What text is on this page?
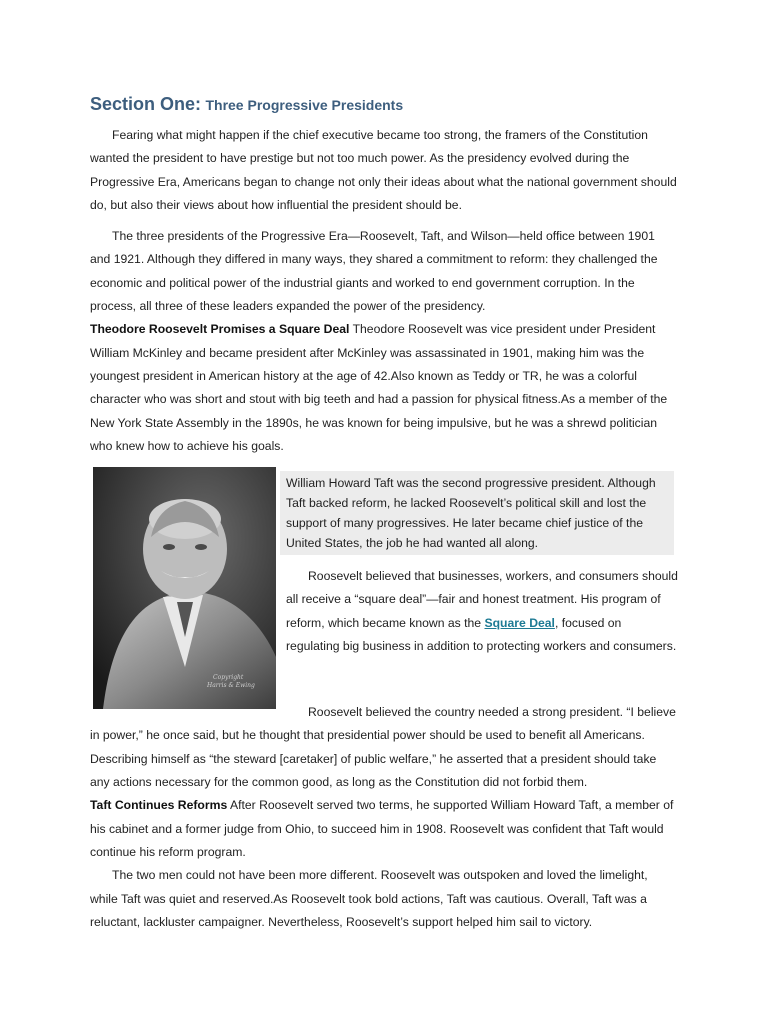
Section One: Three Progressive Presidents

Fearing what might happen if the chief executive became too strong, the framers of the Constitution wanted the president to have prestige but not too much power. As the presidency evolved during the Progressive Era, Americans began to change not only their ideas about what the national government should do, but also their views about how influential the president should be.

The three presidents of the Progressive Era—Roosevelt, Taft, and Wilson—held office between 1901 and 1921. Although they differed in many ways, they shared a commitment to reform: they challenged the economic and political power of the industrial giants and worked to end government corruption. In the process, all three of these leaders expanded the power of the presidency.

Theodore Roosevelt Promises a Square Deal Theodore Roosevelt was vice president under President William McKinley and became president after McKinley was assassinated in 1901, making him was the youngest president in American history at the age of 42.Also known as Teddy or TR, he was a colorful character who was short and stout with big teeth and had a passion for physical fitness.As a member of the New York State Assembly in the 1890s, he was known for being impulsive, but he was a shrewd politician who knew how to achieve his goals.

Copyright
Harris & Ewing

William Howard Taft was the second progressive president. Although Taft backed reform, he lacked Roosevelt’s political skill and lost the support of many progressives. He later became chief justice of the United States, the job he had wanted all along.

Roosevelt believed that businesses, workers, and consumers should all receive a “square deal”—fair and honest treatment. His program of reform, which became known as the Square Deal, focused on regulating big business in addition to protecting workers and consumers.

Roosevelt believed the country needed a strong president. “I believe in power,” he once said, but he thought that presidential power should be used to benefit all Americans. Describing himself as “the steward [caretaker] of public welfare,” he asserted that a president should take any actions necessary for the common good, as long as the Constitution did not forbid them.

Taft Continues Reforms After Roosevelt served two terms, he supported William Howard Taft, a member of his cabinet and a former judge from Ohio, to succeed him in 1908. Roosevelt was confident that Taft would continue his reform program.

The two men could not have been more different. Roosevelt was outspoken and loved the limelight, while Taft was quiet and reserved.As Roosevelt took bold actions, Taft was cautious. Overall, Taft was a reluctant, lackluster campaigner. Nevertheless, Roosevelt’s support helped him sail to victory.
